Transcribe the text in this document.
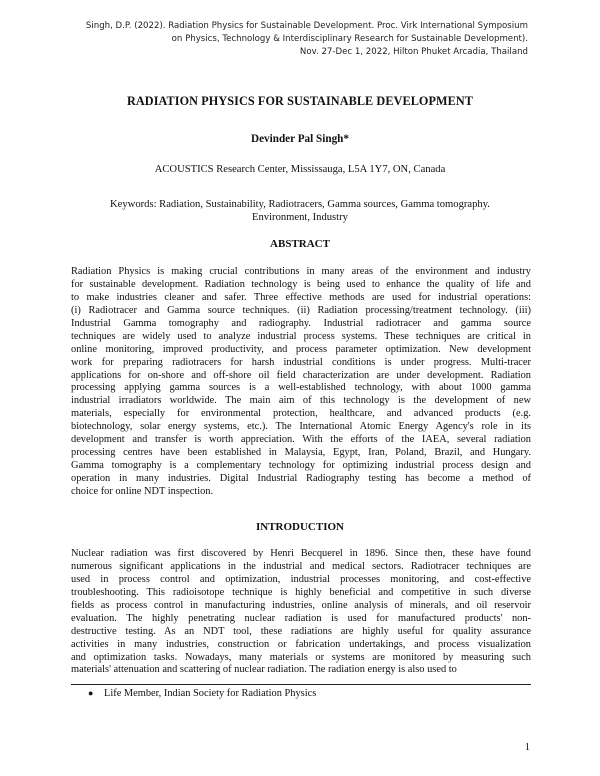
Singh, D.P. (2022). Radiation Physics for Sustainable Development. Proc. Virk International Symposium
on Physics, Technology & Interdisciplinary Research for Sustainable Development).
Nov. 27-Dec 1, 2022, Hilton Phuket Arcadia, Thailand
RADIATION PHYSICS FOR SUSTAINABLE DEVELOPMENT
Devinder Pal Singh*
ACOUSTICS Research Center, Mississauga, L5A 1Y7, ON, Canada
Keywords: Radiation, Sustainability, Radiotracers, Gamma sources, Gamma tomography.
Environment, Industry
ABSTRACT
Radiation Physics is making crucial contributions in many areas of the environment and industry
for sustainable development. Radiation technology is being used to enhance the quality of life and
to make industries cleaner and safer. Three effective methods are used for industrial operations:
(i) Radiotracer and Gamma source techniques. (ii) Radiation processing/treatment technology. (iii)
Industrial Gamma tomography and radiography. Industrial radiotracer and gamma source
techniques are widely used to analyze industrial process systems. These techniques are critical in
online monitoring, improved productivity, and process parameter optimization. New development
work for preparing radiotracers for harsh industrial conditions is under progress. Multi-tracer
applications for on-shore and off-shore oil field characterization are under development. Radiation
processing applying gamma sources is a well-established technology, with about 1000 gamma
industrial irradiators worldwide. The main aim of this technology is the development of new
materials, especially for environmental protection, healthcare, and advanced products (e.g.
biotechnology, solar energy systems, etc.). The International Atomic Energy Agency's role in its
development and transfer is worth appreciation. With the efforts of the IAEA, several radiation
processing centres have been established in Malaysia, Egypt, Iran, Poland, Brazil, and Hungary.
Gamma tomography is a complementary technology for optimizing industrial process design and
operation in many industries. Digital Industrial Radiography testing has become a method of
choice for online NDT inspection.
INTRODUCTION
Nuclear radiation was first discovered by Henri Becquerel in 1896. Since then, these have found
numerous significant applications in the industrial and medical sectors. Radiotracer techniques are
used in process control and optimization, industrial processes monitoring, and cost-effective
troubleshooting. This radioisotope technique is highly beneficial and competitive in such diverse
fields as process control in manufacturing industries, online analysis of minerals, and oil reservoir
evaluation. The highly penetrating nuclear radiation is used for manufactured products' non-
destructive testing. As an NDT tool, these radiations are highly useful for quality assurance
activities in many industries, construction or fabrication undertakings, and process visualization
and optimization tasks. Nowadays, many materials or systems are monitored by measuring such
materials' attenuation and scattering of nuclear radiation. The radiation energy is also used to
● Life Member, Indian Society for Radiation Physics
1
